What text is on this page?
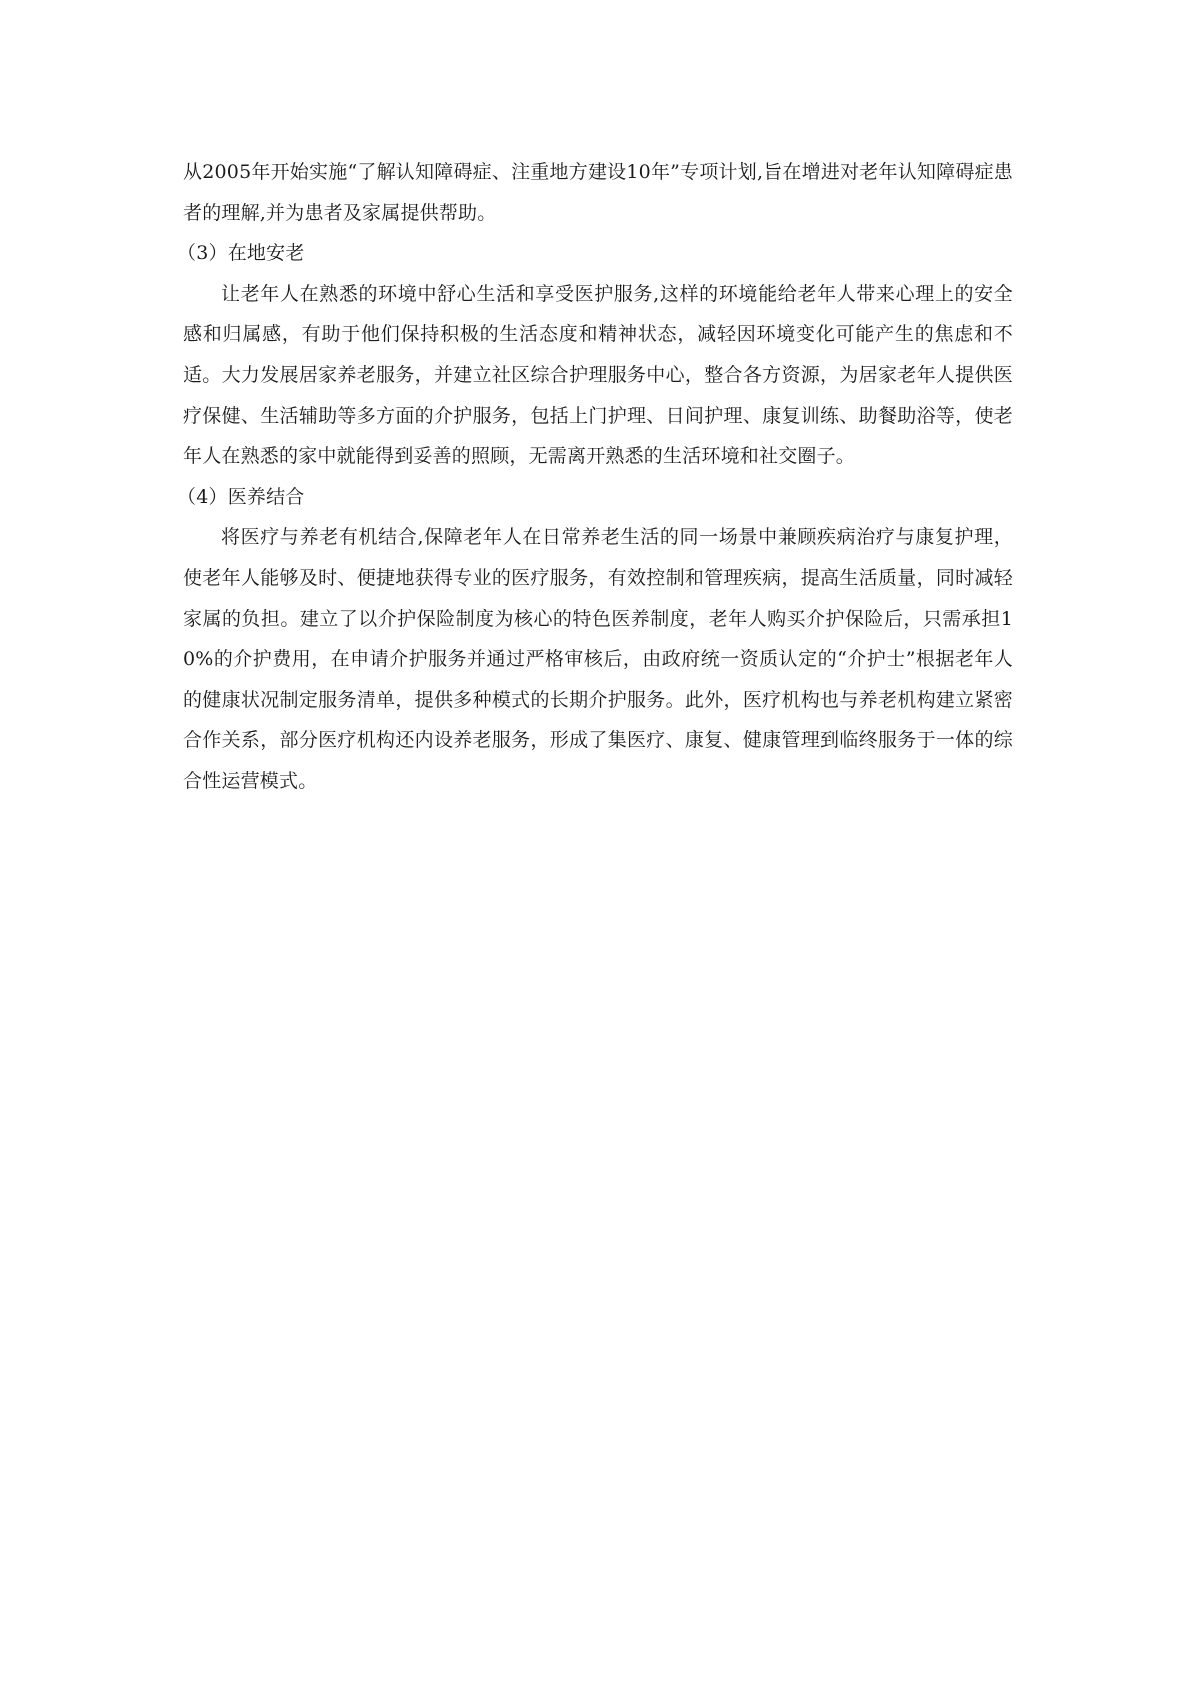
从2005年开始实施“了解认知障碍症、注重地方建设10年”专项计划,旨在增进对老年认知障碍症患者的理解,并为患者及家属提供帮助。

（3）在地安老

让老年人在熟悉的环境中舒心生活和享受医护服务,这样的环境能给老年人带来心理上的安全感和归属感，有助于他们保持积极的生活态度和精神状态，减轻因环境变化可能产生的焦虑和不适。大力发展居家养老服务，并建立社区综合护理服务中心，整合各方资源，为居家老年人提供医疗保健、生活辅助等多方面的介护服务，包括上门护理、日间护理、康复训练、助餐助浴等，使老年人在熟悉的家中就能得到妥善的照顾，无需离开熟悉的生活环境和社交圈子。

（4）医养结合

将医疗与养老有机结合,保障老年人在日常养老生活的同一场景中兼顾疾病治疗与康复护理，使老年人能够及时、便捷地获得专业的医疗服务，有效控制和管理疾病，提高生活质量，同时减轻家属的负担。建立了以介护保险制度为核心的特色医养制度，老年人购买介护保险后，只需承担10%的介护费用，在申请介护服务并通过严格审核后，由政府统一资质认定的“介护士”根据老年人的健康状况制定服务清单，提供多种模式的长期介护服务。此外，医疗机构也与养老机构建立紧密合作关系，部分医疗机构还内设养老服务，形成了集医疗、康复、健康管理到临终服务于一体的综合性运营模式。
